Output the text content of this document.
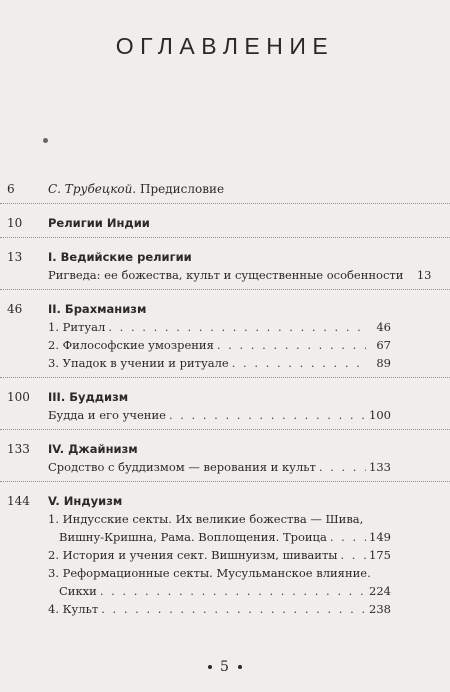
ОГЛАВЛЕНИЕ
6	С. Трубецкой. Предисловие
10	Религии Индии
13	I. Ведийские религии
Ригведа: ее божества, культ и существенные особенности	13
46	II. Брахманизм
1. Ритуал . . .	46
2. Философские умозрения . . .	67
3. Упадок в учении и ритуале . . .	89
100	III. Буддизм
Будда и его учение . . .	100
133	IV. Джайнизм
Сродство с буддизмом — верования и культ . . .	133
144	V. Индуизм
1. Индусские секты. Их великие божества — Шива,
Вишну-Кришна, Рама. Воплощения. Троица . . .	149
2. История и учения сект. Вишнуизм, шиваиты . . .	175
3. Реформационные секты. Мусульманское влияние.
Сикхи . . .	224
4. Культ . . .	238
5
